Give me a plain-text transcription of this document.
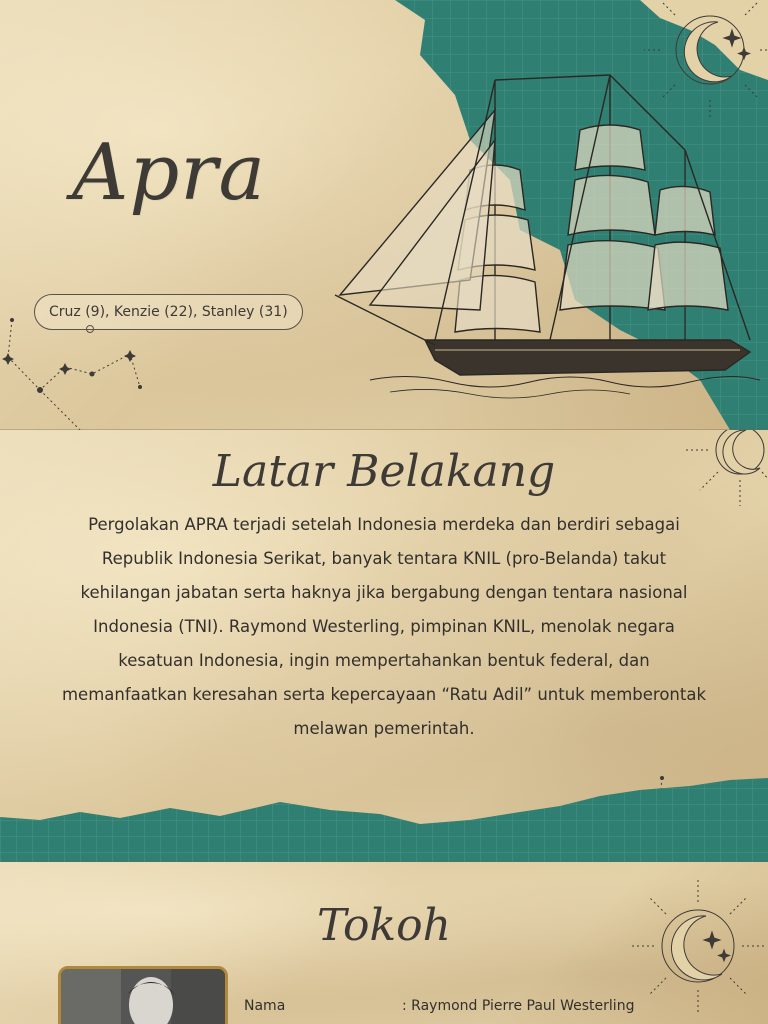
Apra
Cruz (9), Kenzie (22), Stanley (31)
Latar Belakang
Pergolakan APRA terjadi setelah Indonesia merdeka dan berdiri sebagai Republik Indonesia Serikat, banyak tentara KNIL (pro-Belanda) takut kehilangan jabatan serta haknya jika bergabung dengan tentara nasional Indonesia (TNI). Raymond Westerling, pimpinan KNIL, menolak negara kesatuan Indonesia, ingin mempertahankan bentuk federal, dan memanfaatkan keresahan serta kepercayaan “Ratu Adil” untuk memberontak melawan pemerintah.
Tokoh
Nama	: Raymond Pierre Paul Westerling
